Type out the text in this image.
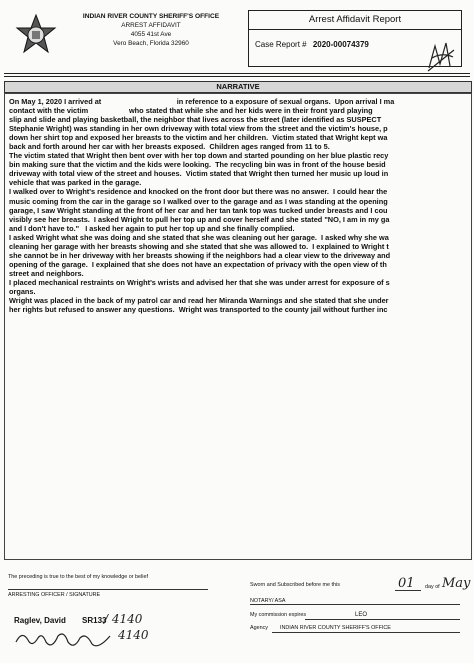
INDIAN RIVER COUNTY SHERIFF'S OFFICE
ARREST AFFIDAVIT
4055 41st Ave
Vero Beach, Florida 32960
Arrest Affidavit Report
Case Report # 2020-00074379
NARRATIVE
On May 1, 2020 I arrived at                                     in reference to a exposure of sexual organs.  Upon arrival I ma
contact with the victim                    who stated that while she and her kids were in their front yard playing
slip and slide and playing basketball, the neighbor that lives across the street (later identified as SUSPECT
Stephanie Wright) was standing in her own driveway with total view from the street and the victim's house, p
down her shirt top and exposed her breasts to the victim and her children.  Victim stated that Wright kept wa
back and forth around her car with her breasts exposed.  Children ages ranged from 11 to 5.
The victim stated that Wright then bent over with her top down and started pounding on her blue plastic recy
bin making sure that the victim and the kids were looking.  The recycling bin was in front of the house besid
driveway with total view of the street and houses.  Victim stated that Wright then turned her music up loud in
vehicle that was parked in the garage.
I walked over to Wright's residence and knocked on the front door but there was no answer.  I could hear the
music coming from the car in the garage so I walked over to the garage and as I was standing at the opening
garage, I saw Wright standing at the front of her car and her tan tank top was tucked under breasts and I cou
visibly see her breasts.  I asked Wright to pull her top up and cover herself and she stated "NO, I am in my ga
and I don't have to."   I asked her again to put her top up and she finally complied.
I asked Wright what she was doing and she stated that she was cleaning out her garage.  I asked why she wa
cleaning her garage with her breasts showing and she stated that she was allowed to.  I explained to Wright t
she cannot be in her driveway with her breasts showing if the neighbors had a clear view to the driveway and
opening of the garage.  I explained that she does not have an expectation of privacy with the open view of th
street and neighbors.
I placed mechanical restraints on Wright's wrists and advised her that she was under arrest for exposure of s
organs.
Wright was placed in the back of my patrol car and read her Miranda Warnings and she stated that she under
her rights but refused to answer any questions.  Wright was transported to the county jail without further inc
The preceding is true to the best of my knowledge or belief
ARRESTING OFFICER / SIGNATURE
Raglev, David SR133
/ 4140
4140
Sworn and Subscribed before me this	01 day of May
NOTARY/ ASA
My commission expires	LEO
Agency INDIAN RIVER COUNTY SHERIFF'S OFFICE
